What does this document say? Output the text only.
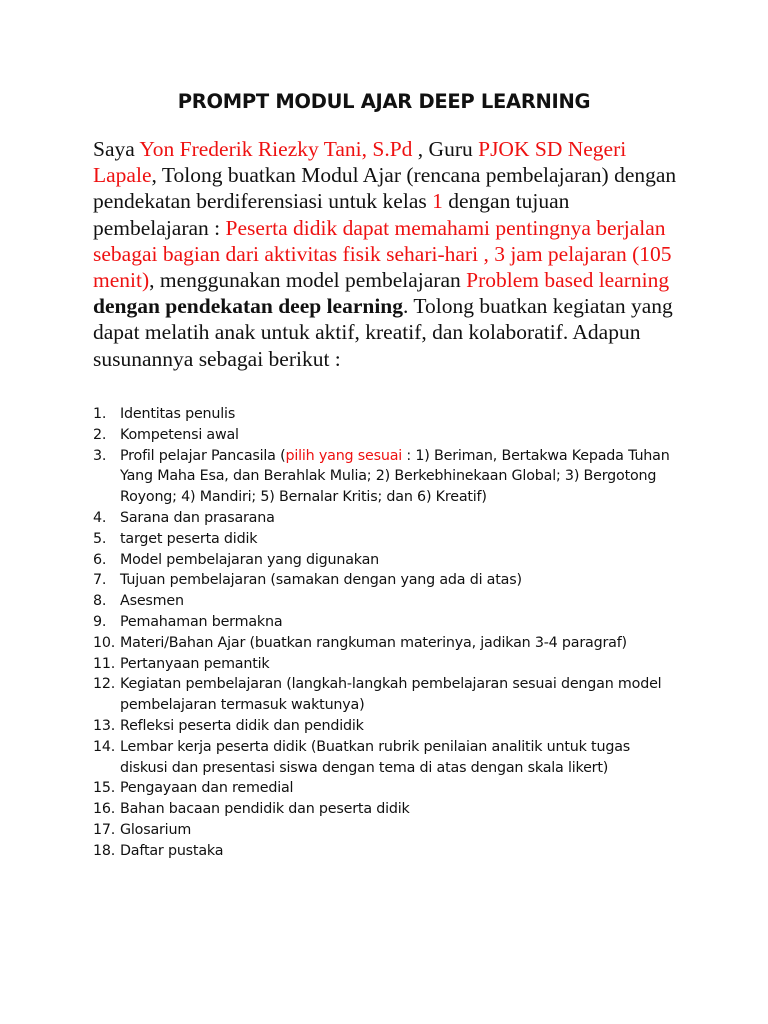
PROMPT MODUL AJAR DEEP LEARNING

Saya Yon Frederik Riezky Tani, S.Pd , Guru PJOK SD Negeri Lapale, Tolong buatkan Modul Ajar (rencana pembelajaran) dengan pendekatan berdiferensiasi untuk kelas 1 dengan tujuan pembelajaran : Peserta didik dapat memahami pentingnya berjalan sebagai bagian dari aktivitas fisik sehari-hari , 3 jam pelajaran (105 menit), menggunakan model pembelajaran Problem based learning dengan pendekatan deep learning. Tolong buatkan kegiatan yang dapat melatih anak untuk aktif, kreatif, dan kolaboratif. Adapun susunannya sebagai berikut :

1. Identitas penulis
2. Kompetensi awal
3. Profil pelajar Pancasila (pilih yang sesuai : 1) Beriman, Bertakwa Kepada Tuhan Yang Maha Esa, dan Berahlak Mulia; 2) Berkebhinekaan Global; 3) Bergotong Royong; 4) Mandiri; 5) Bernalar Kritis; dan 6) Kreatif)
4. Sarana dan prasarana
5. target peserta didik
6. Model pembelajaran yang digunakan
7. Tujuan pembelajaran (samakan dengan yang ada di atas)
8. Asesmen
9. Pemahaman bermakna
10. Materi/Bahan Ajar (buatkan rangkuman materinya, jadikan 3-4 paragraf)
11. Pertanyaan pemantik
12. Kegiatan pembelajaran (langkah-langkah pembelajaran sesuai dengan model pembelajaran termasuk waktunya)
13. Refleksi peserta didik dan pendidik
14. Lembar kerja peserta didik (Buatkan rubrik penilaian analitik untuk tugas diskusi dan presentasi siswa dengan tema di atas dengan skala likert)
15. Pengayaan dan remedial
16. Bahan bacaan pendidik dan peserta didik
17. Glosarium
18. Daftar pustaka
